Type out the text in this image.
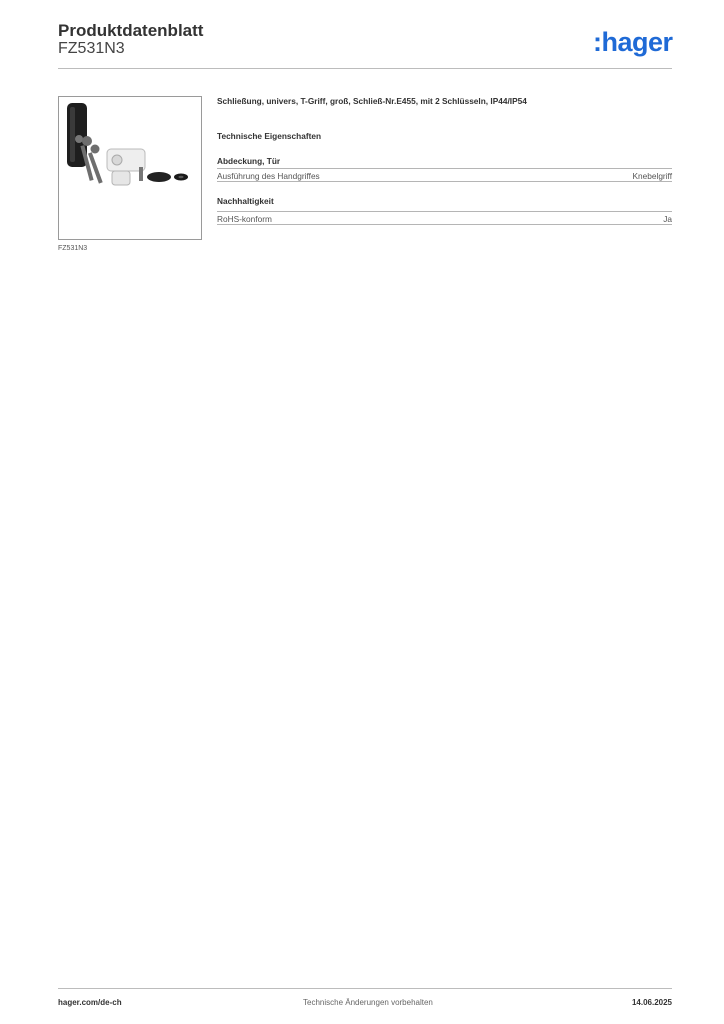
Produktdatenblatt
FZ531N3	:hager
FZ531N3
Schließung, univers, T-Griff, groß, Schließ-Nr.E455, mit 2 Schlüsseln, IP44/IP54
Technische Eigenschaften
Abdeckung, Tür
Ausführung des Handgriffes	Knebelgriff
Nachhaltigkeit
RoHS-konform	Ja
hager.com/de-ch	Technische Änderungen vorbehalten	14.06.2025
